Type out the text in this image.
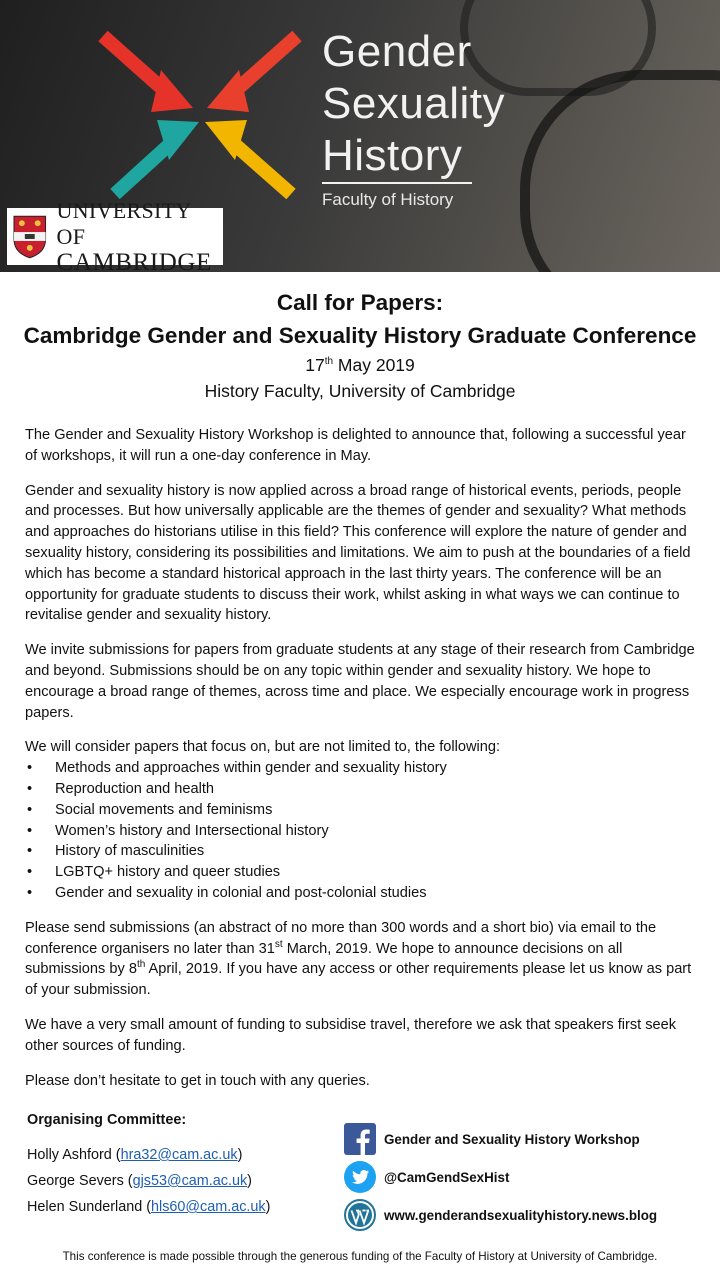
Gender
Sexuality
History
Faculty of History
UNIVERSITY OF
CAMBRIDGE
Call for Papers:
Cambridge Gender and Sexuality History Graduate Conference
17th May 2019
History Faculty, University of Cambridge

The Gender and Sexuality History Workshop is delighted to announce that, following a successful year of workshops, it will run a one-day conference in May.

Gender and sexuality history is now applied across a broad range of historical events, periods, people and processes. But how universally applicable are the themes of gender and sexuality? What methods and approaches do historians utilise in this field? This conference will explore the nature of gender and sexuality history, considering its possibilities and limitations. We aim to push at the boundaries of a field which has become a standard historical approach in the last thirty years. The conference will be an opportunity for graduate students to discuss their work, whilst asking in what ways we can continue to revitalise gender and sexuality history.

We invite submissions for papers from graduate students at any stage of their research from Cambridge and beyond. Submissions should be on any topic within gender and sexuality history. We hope to encourage a broad range of themes, across time and place. We especially encourage work in progress papers.

We will consider papers that focus on, but are not limited to, the following:
• Methods and approaches within gender and sexuality history
• Reproduction and health
• Social movements and feminisms
• Women’s history and Intersectional history
• History of masculinities
• LGBTQ+ history and queer studies
• Gender and sexuality in colonial and post-colonial studies

Please send submissions (an abstract of no more than 300 words and a short bio) via email to the conference organisers no later than 31st March, 2019. We hope to announce decisions on all submissions by 8th April, 2019. If you have any access or other requirements please let us know as part of your submission.

We have a very small amount of funding to subsidise travel, therefore we ask that speakers first seek other sources of funding.

Please don’t hesitate to get in touch with any queries.

Organising Committee:
Holly Ashford (hra32@cam.ac.uk)
George Severs (gjs53@cam.ac.uk)
Helen Sunderland (hls60@cam.ac.uk)
Gender and Sexuality History Workshop
@CamGendSexHist
www.genderandsexualityhistory.news.blog
This conference is made possible through the generous funding of the Faculty of History at University of Cambridge.
